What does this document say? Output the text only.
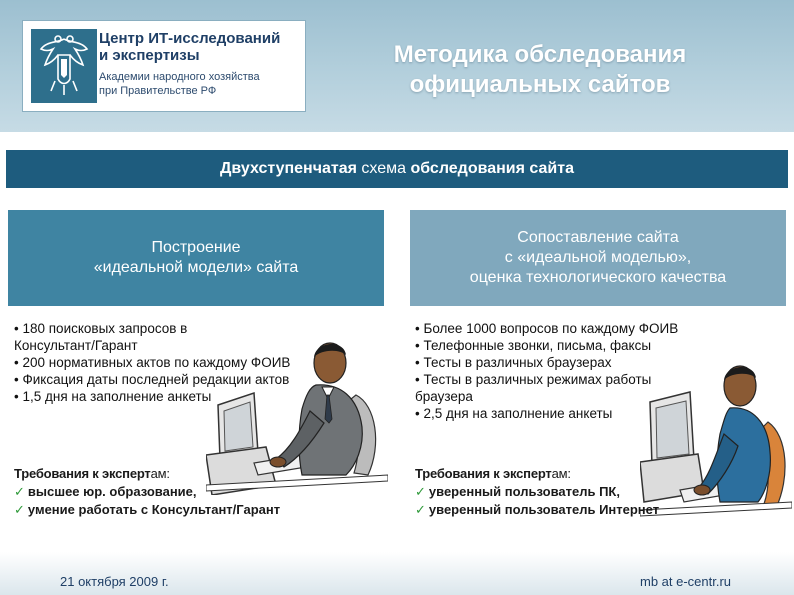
Центр ИТ-исследований
и экспертизы
Академии народного хозяйства
при Правительстве РФ
Методика обследования
официальных сайтов
Двухступенчатая схема обследования сайта
Построение
«идеальной модели» сайта
Сопоставление сайта
с «идеальной моделью»,
оценка технологического качества
• 180 поисковых запросов в
Консультант/Гарант
• 200 нормативных актов по каждому ФОИВ
• Фиксация даты последней редакции актов
• 1,5 дня на заполнение анкеты
• Более 1000 вопросов по каждому ФОИВ
• Телефонные звонки, письма, факсы
• Тесты в различных браузерах
• Тесты в различных режимах работы
браузера
• 2,5 дня на заполнение анкеты
Требования к экспертам:
✓ высшее юр. образование,
✓ умение работать с Консультант/Гарант
Требования к экспертам:
✓ уверенный пользователь ПК,
✓ уверенный пользователь Интернет
21 октября 2009 г.	mb at e-centr.ru
